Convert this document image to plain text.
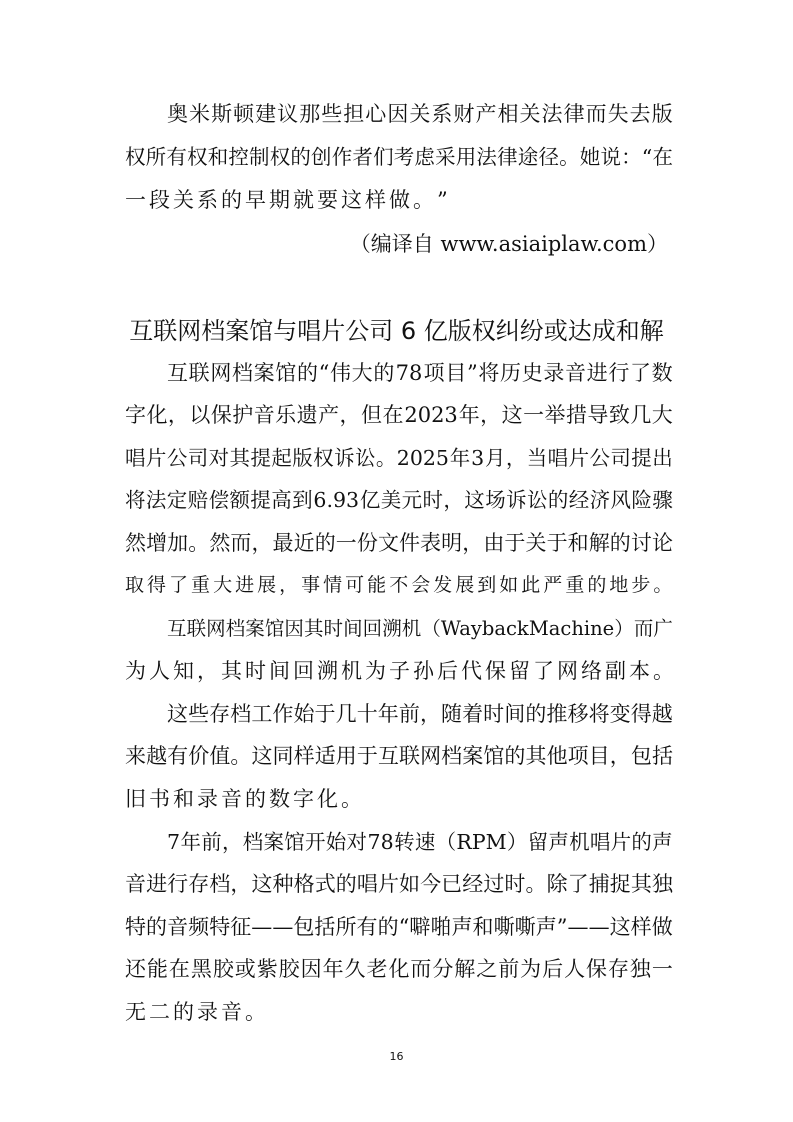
奥 米 斯 顿 建 议 那 些 担 心 因 关 系 财 产 相 关 法 律 而 失 去 版

权 所 有 权 和 控 制 权 的 创 作 者 们 考 虑 采 用 法 律 途 径 。 她 说 ： “ 在

一 段 关 系 的 早 期 就 要 这 样 做 。 ”

（编译自 www.asiaiplaw.com）

互联网档案馆与唱片公司 6 亿版权纠纷或达成和解

互 联 网 档 案 馆 的 “ 伟 大 的 78 项 目 ” 将 历 史 录 音 进 行 了 数

字 化 ， 以 保 护 音 乐 遗 产 ， 但 在 2023 年 ， 这 一 举 措 导 致 几 大

唱 片 公 司 对 其 提 起 版 权 诉 讼 。 2025 年 3 月 ， 当 唱 片 公 司 提 出

将 法 定 赔 偿 额 提 高 到 6.93 亿 美 元 时 ， 这 场 诉 讼 的 经 济 风 险 骤

然 增 加 。 然 而 ， 最 近 的 一 份 文 件 表 明 ， 由 于 关 于 和 解 的 讨 论

取 得 了 重 大 进 展 ， 事 情 可 能 不 会 发 展 到 如 此 严 重 的 地 步 。

互 联 网 档 案 馆 因 其 时 间 回 溯 机 （ Wayback Machine ） 而 广

为 人 知 ， 其 时 间 回 溯 机 为 子 孙 后 代 保 留 了 网 络 副 本 。

这 些 存 档 工 作 始 于 几 十 年 前 ， 随 着 时 间 的 推 移 将 变 得 越

来 越 有 价 值 。 这 同 样 适 用 于 互 联 网 档 案 馆 的 其 他 项 目 ， 包 括

旧 书 和 录 音 的 数 字 化 。

7 年 前 ， 档 案 馆 开 始 对 78 转 速 （ RPM ） 留 声 机 唱 片 的 声

音 进 行 存 档 ， 这 种 格 式 的 唱 片 如 今 已 经 过 时 。 除 了 捕 捉 其 独

特 的 音 频 特 征 — — 包 括 所 有 的 “ 噼 啪 声 和 嘶 嘶 声 ” — — 这 样 做

还 能 在 黑 胶 或 紫 胶 因 年 久 老 化 而 分 解 之 前 为 后 人 保 存 独 一

无 二 的 录 音 。

16
